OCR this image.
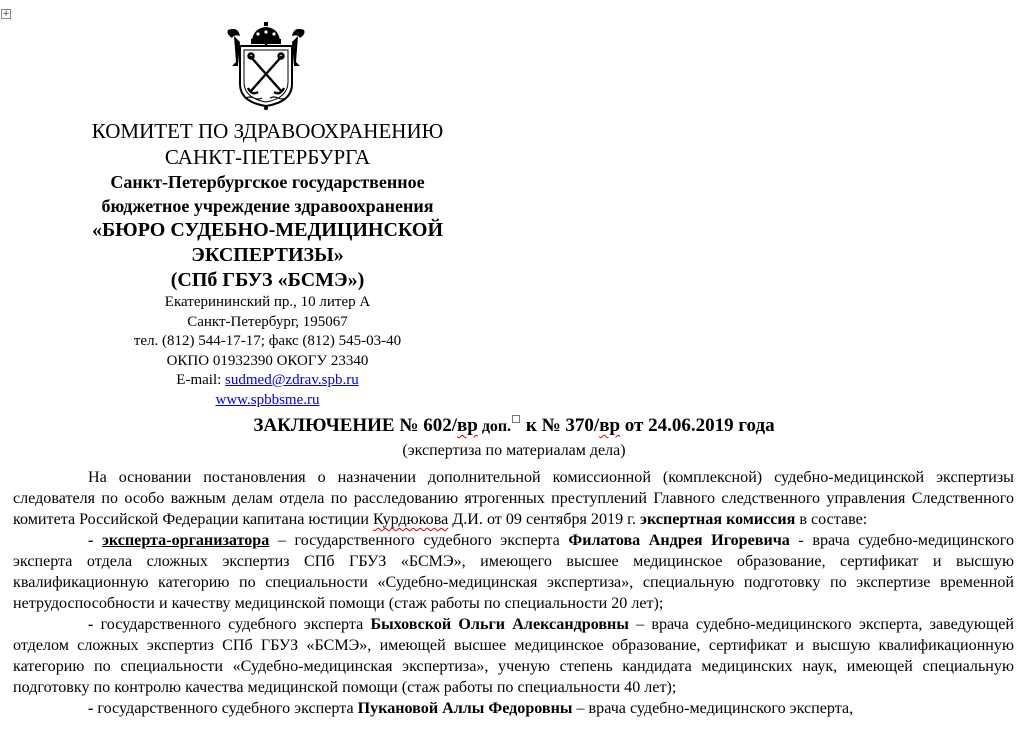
+
КОМИТЕТ ПО ЗДРАВООХРАНЕНИЮ
САНКТ-ПЕТЕРБУРГА
Санкт-Петербургское государственное
бюджетное учреждение здравоохранения
«БЮРО СУДЕБНО-МЕДИЦИНСКОЙ
ЭКСПЕРТИЗЫ»
(СПб ГБУЗ «БСМЭ»)
Екатерининский пр., 10 литер А
Санкт-Петербург, 195067
тел. (812) 544-17-17; факс (812) 545-03-40
ОКПО 01932390 ОКОГУ 23340
E-mail: sudmed@zdrav.spb.ru
www.spbbsme.ru
ЗАКЛЮЧЕНИЕ № 602/вр доп. к № 370/вр от 24.06.2019 года
(экспертиза по материалам дела)

На основании постановления о назначении дополнительной комиссионной (комплексной) судебно-медицинской экспертизы следователя по особо важным делам отдела по расследованию ятрогенных преступлений Главного следственного управления Следственного комитета Российской Федерации капитана юстиции Курдюкова Д.И. от 09 сентября 2019 г. экспертная комиссия в составе:

- эксперта-организатора – государственного судебного эксперта Филатова Андрея Игоревича - врача судебно-медицинского эксперта отдела сложных экспертиз СПб ГБУЗ «БСМЭ», имеющего высшее медицинское образование, сертификат и высшую квалификационную категорию по специальности «Судебно-медицинская экспертиза», специальную подготовку по экспертизе временной нетрудоспособности и качеству медицинской помощи (стаж работы по специальности 20 лет);

- государственного судебного эксперта Быховской Ольги Александровны – врача судебно-медицинского эксперта, заведующей отделом сложных экспертиз СПб ГБУЗ «БСМЭ», имеющей высшее медицинское образование, сертификат и высшую квалификационную категорию по специальности «Судебно-медицинская экспертиза», ученую степень кандидата медицинских наук, имеющей специальную подготовку по контролю качества медицинской помощи (стаж работы по специальности 40 лет);

- государственного судебного эксперта Пукановой Аллы Федоровны – врача судебно-медицинского эксперта,
